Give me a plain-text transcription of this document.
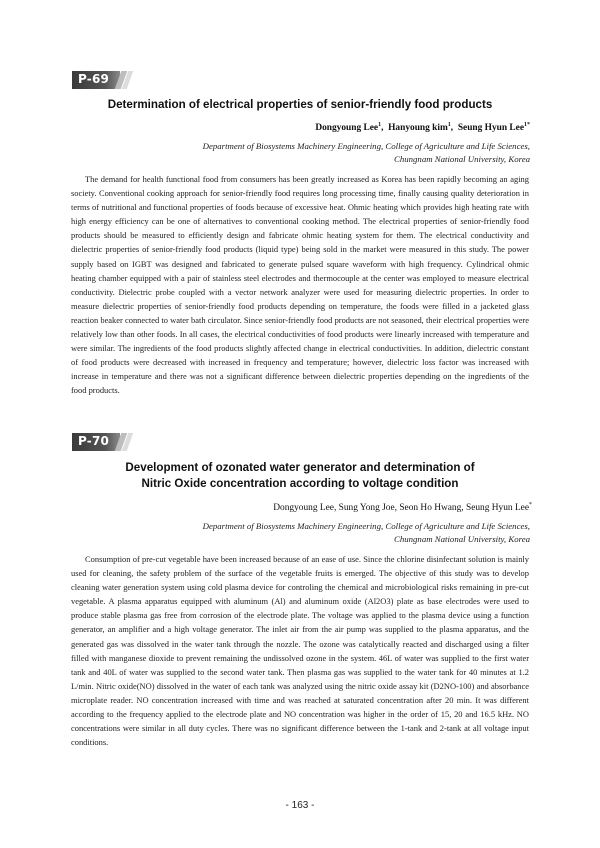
P-69
Determination of electrical properties of senior-friendly food products
Dongyoung Lee$^1$,  Hanyoung kim$^1$,  Seung Hyun Lee$^{1*}$
Department of Biosystems Machinery Engineering, College of Agriculture and Life Sciences,
Chungnam National University, Korea

The demand for health functional food from consumers has been greatly increased as Korea has been rapidly becoming an aging society. Conventional cooking approach for senior-friendly food requires long processing time, finally causing quality deterioration in terms of nutritional and functional properties of foods because of excessive heat. Ohmic heating which provides high heating rate with high energy efficiency can be one of alternatives to conventional cooking method. The electrical properties of senior-friendly food products should be measured to efficiently design and fabricate ohmic heating system for them. The electrical conductivity and dielectric properties of senior-friendly food products (liquid type) being sold in the market were measured in this study. The power supply based on IGBT was designed and fabricated to generate pulsed square waveform with high frequency. Cylindrical ohmic heating chamber equipped with a pair of stainless steel electrodes and thermocouple at the center was employed to measure electrical conductivity. Dielectric probe coupled with a vector network analyzer were used for measuring dielectric properties. In order to measure dielectric properties of senior-friendly food products depending on temperature, the foods were filled in a jacketed glass reaction beaker connected to water bath circulator. Since senior-friendly food products are not seasoned, their electrical properties were relatively low than other foods. In all cases, the electrical conductivities of food products were linearly increased with temperature and were similar. The ingredients of the food products slightly affected change in electrical conductivities. In addition, dielectric constant of food products were decreased with increased in frequency and temperature; however, dielectric loss factor was increased with increase in temperature and there was not a significant difference between dielectric properties depending on the ingredients of the food products.

P-70
Development of ozonated water generator and determination of
Nitric Oxide concentration according to voltage condition
Dongyoung Lee, Sung Yong Joe, Seon Ho Hwang, Seung Hyun Lee*
Department of Biosystems Machinery Engineering, College of Agriculture and Life Sciences,
Chungnam National University, Korea

Consumption of pre-cut vegetable have been increased because of an ease of use. Since the chlorine disinfectant solution is mainly used for cleaning, the safety problem of the surface of the vegetable fruits is emerged. The objective of this study was to develop cleaning water generation system using cold plasma device for controling the chemical and microbiological risks remaining in pre-cut vegetable. A plasma apparatus equipped with aluminum (Al) and aluminum oxide (Al2O3) plate as base electrodes were used to produce stable plasma gas free from corrosion of the electrode plate. The voltage was applied to the plasma device using a function generator, an amplifier and a high voltage generator. The inlet air from the air pump was supplied to the plasma apparatus, and the generated gas was dissolved in the water tank through the nozzle. The ozone was catalytically reacted and discharged using a filter filled with manganese dioxide to prevent remaining the undissolved ozone in the system. 46L of water was supplied to the first water tank and 40L of water was supplied to the second water tank. Then plasma gas was supplied to the water tank for 40 minutes at 1.2 L/min. Nitric oxide(NO) dissolved in the water of each tank was analyzed using the nitric oxide assay kit (D2NO-100) and absorbance microplate reader. NO concentration increased with time and was reached at saturated concentration after 20 min. It was different according to the frequency applied to the electrode plate and NO concentration was higher in the order of 15, 20 and 16.5 kHz. NO concentrations were similar in all duty cycles. There was no significant difference between the 1-tank and 2-tank at all voltage input conditions.

- 163 -
